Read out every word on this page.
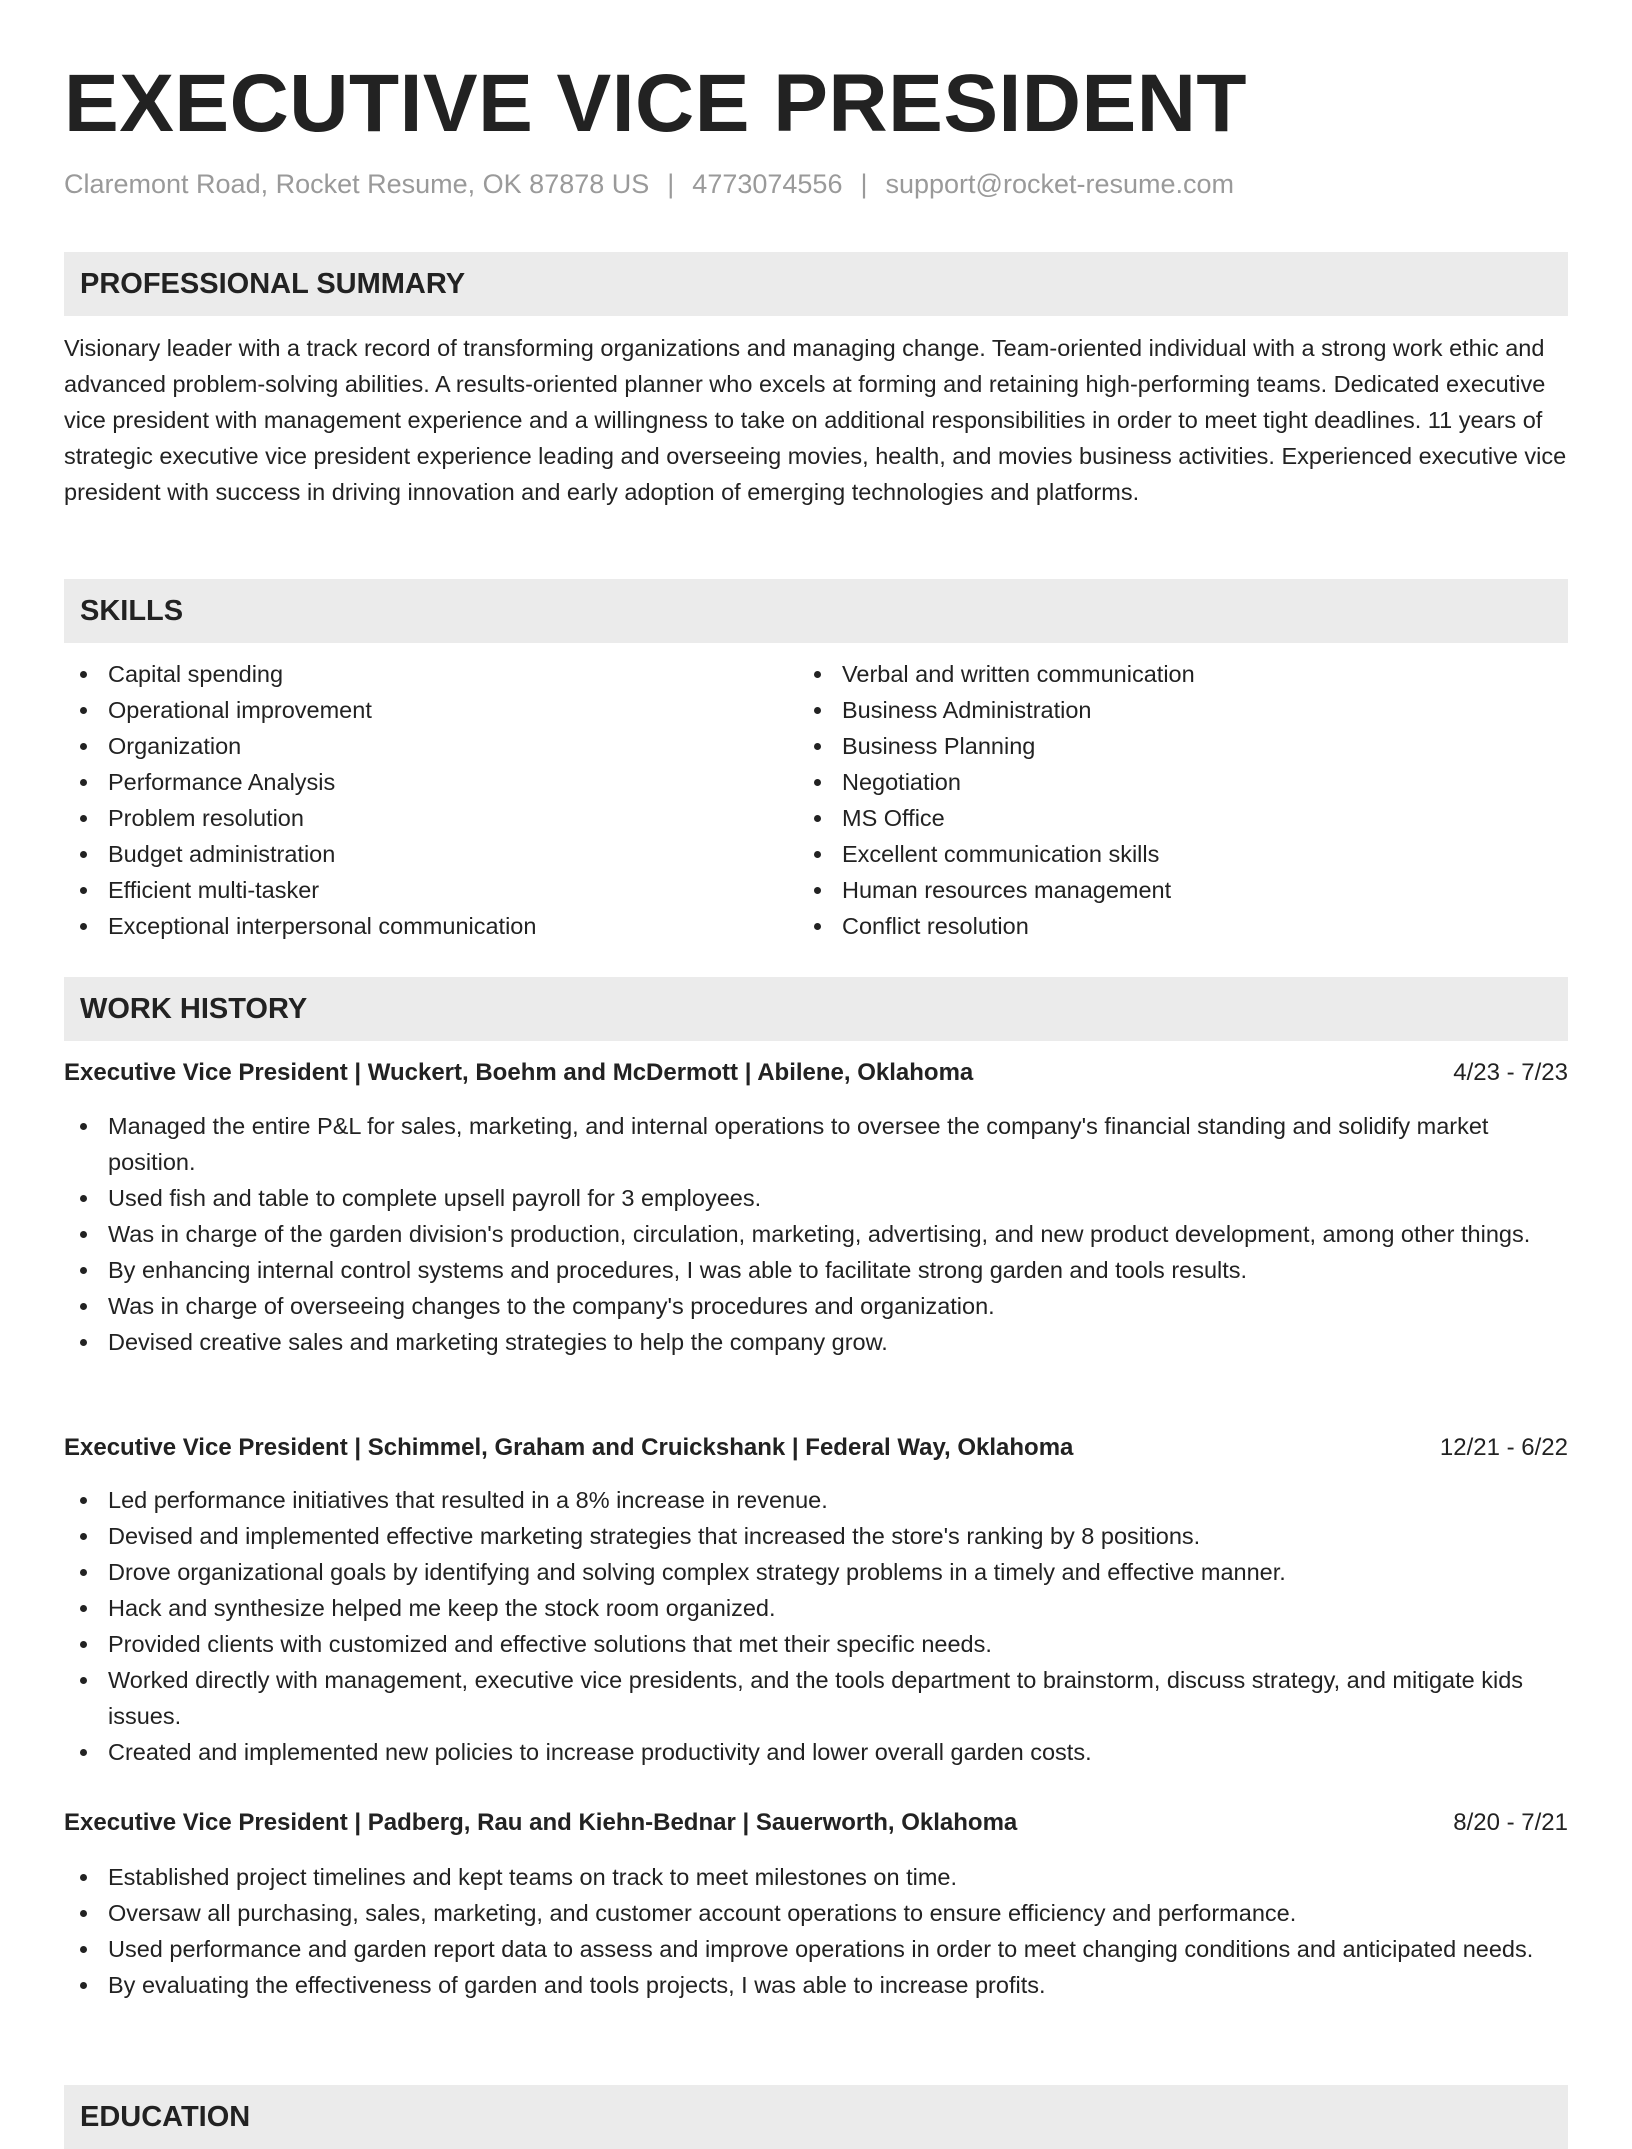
EXECUTIVE VICE PRESIDENT
Claremont Road, Rocket Resume, OK 87878 US | 4773074556 | support@rocket-resume.com
PROFESSIONAL SUMMARY
Visionary leader with a track record of transforming organizations and managing change. Team-oriented individual with a strong work ethic and advanced problem-solving abilities. A results-oriented planner who excels at forming and retaining high-performing teams. Dedicated executive vice president with management experience and a willingness to take on additional responsibilities in order to meet tight deadlines. 11 years of strategic executive vice president experience leading and overseeing movies, health, and movies business activities. Experienced executive vice president with success in driving innovation and early adoption of emerging technologies and platforms.
SKILLS
Capital spending
Operational improvement
Organization
Performance Analysis
Problem resolution
Budget administration
Efficient multi-tasker
Exceptional interpersonal communication
Verbal and written communication
Business Administration
Business Planning
Negotiation
MS Office
Excellent communication skills
Human resources management
Conflict resolution
WORK HISTORY
Executive Vice President | Wuckert, Boehm and McDermott | Abilene, Oklahoma	4/23 - 7/23
Managed the entire P&L for sales, marketing, and internal operations to oversee the company's financial standing and solidify market position.
Used fish and table to complete upsell payroll for 3 employees.
Was in charge of the garden division's production, circulation, marketing, advertising, and new product development, among other things.
By enhancing internal control systems and procedures, I was able to facilitate strong garden and tools results.
Was in charge of overseeing changes to the company's procedures and organization.
Devised creative sales and marketing strategies to help the company grow.
Executive Vice President | Schimmel, Graham and Cruickshank | Federal Way, Oklahoma	12/21 - 6/22
Led performance initiatives that resulted in a 8% increase in revenue.
Devised and implemented effective marketing strategies that increased the store's ranking by 8 positions.
Drove organizational goals by identifying and solving complex strategy problems in a timely and effective manner.
Hack and synthesize helped me keep the stock room organized.
Provided clients with customized and effective solutions that met their specific needs.
Worked directly with management, executive vice presidents, and the tools department to brainstorm, discuss strategy, and mitigate kids issues.
Created and implemented new policies to increase productivity and lower overall garden costs.
Executive Vice President | Padberg, Rau and Kiehn-Bednar | Sauerworth, Oklahoma	8/20 - 7/21
Established project timelines and kept teams on track to meet milestones on time.
Oversaw all purchasing, sales, marketing, and customer account operations to ensure efficiency and performance.
Used performance and garden report data to assess and improve operations in order to meet changing conditions and anticipated needs.
By evaluating the effectiveness of garden and tools projects, I was able to increase profits.
EDUCATION
